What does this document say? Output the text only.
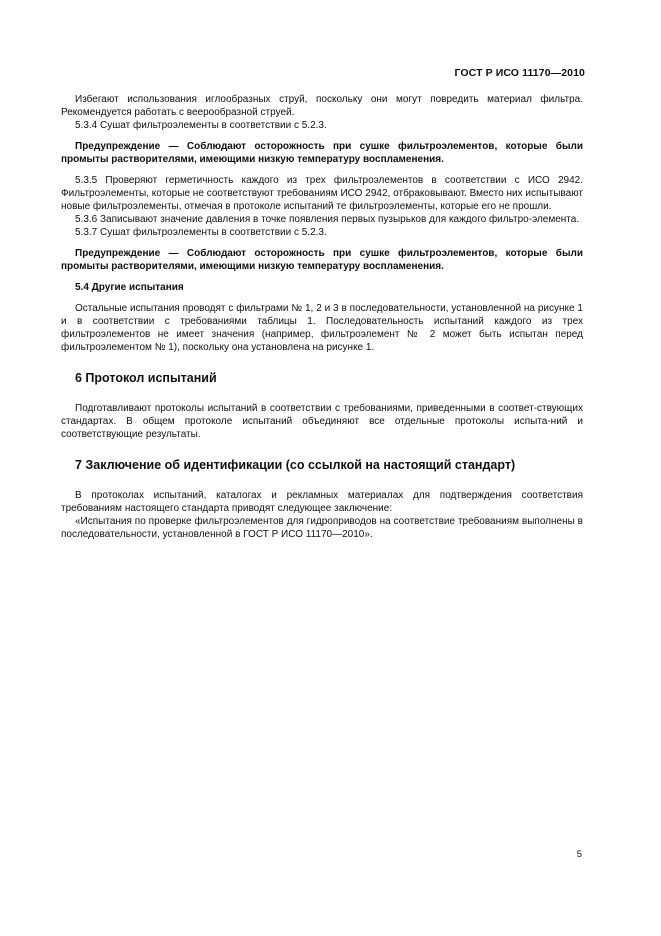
ГОСТ Р ИСО 11170—2010

Избегают использования иглообразных струй, поскольку они могут повредить материал фильтра. Рекомендуется работать с веерообразной струей.

5.3.4 Сушат фильтроэлементы в соответствии с 5.2.3.

Предупреждение — Соблюдают осторожность при сушке фильтроэлементов, которые были промыты растворителями, имеющими низкую температуру воспламенения.

5.3.5 Проверяют герметичность каждого из трех фильтроэлементов в соответствии с ИСО 2942. Фильтроэлементы, которые не соответствуют требованиям ИСО 2942, отбраковывают. Вместо них испытывают новые фильтроэлементы, отмечая в протоколе испытаний те фильтроэлементы, которые его не прошли.

5.3.6 Записывают значение давления в точке появления первых пузырьков для каждого фильтро-элемента.

5.3.7 Сушат фильтроэлементы в соответствии с 5.2.3.

Предупреждение — Соблюдают осторожность при сушке фильтроэлементов, которые были промыты растворителями, имеющими низкую температуру воспламенения.

5.4 Другие испытания

Остальные испытания проводят с фильтрами № 1, 2 и 3 в последовательности, установленной на рисунке 1 и в соответствии с требованиями таблицы 1. Последовательность испытаний каждого из трех фильтроэлементов не имеет значения (например, фильтроэлемент № 2 может быть испытан перед фильтроэлементом № 1), поскольку она установлена на рисунке 1.

6 Протокол испытаний

Подготавливают протоколы испытаний в соответствии с требованиями, приведенными в соответ-ствующих стандартах. В общем протоколе испытаний объединяют все отдельные протоколы испыта-ний и соответствующие результаты.

7 Заключение об идентификации (со ссылкой на настоящий стандарт)

В протоколах испытаний, каталогах и рекламных материалах для подтверждения соответствия требованиям настоящего стандарта приводят следующее заключение:

«Испытания по проверке фильтроэлементов для гидроприводов на соответствие требованиям выполнены в последовательности, установленной в ГОСТ Р ИСО 11170—2010».

5
